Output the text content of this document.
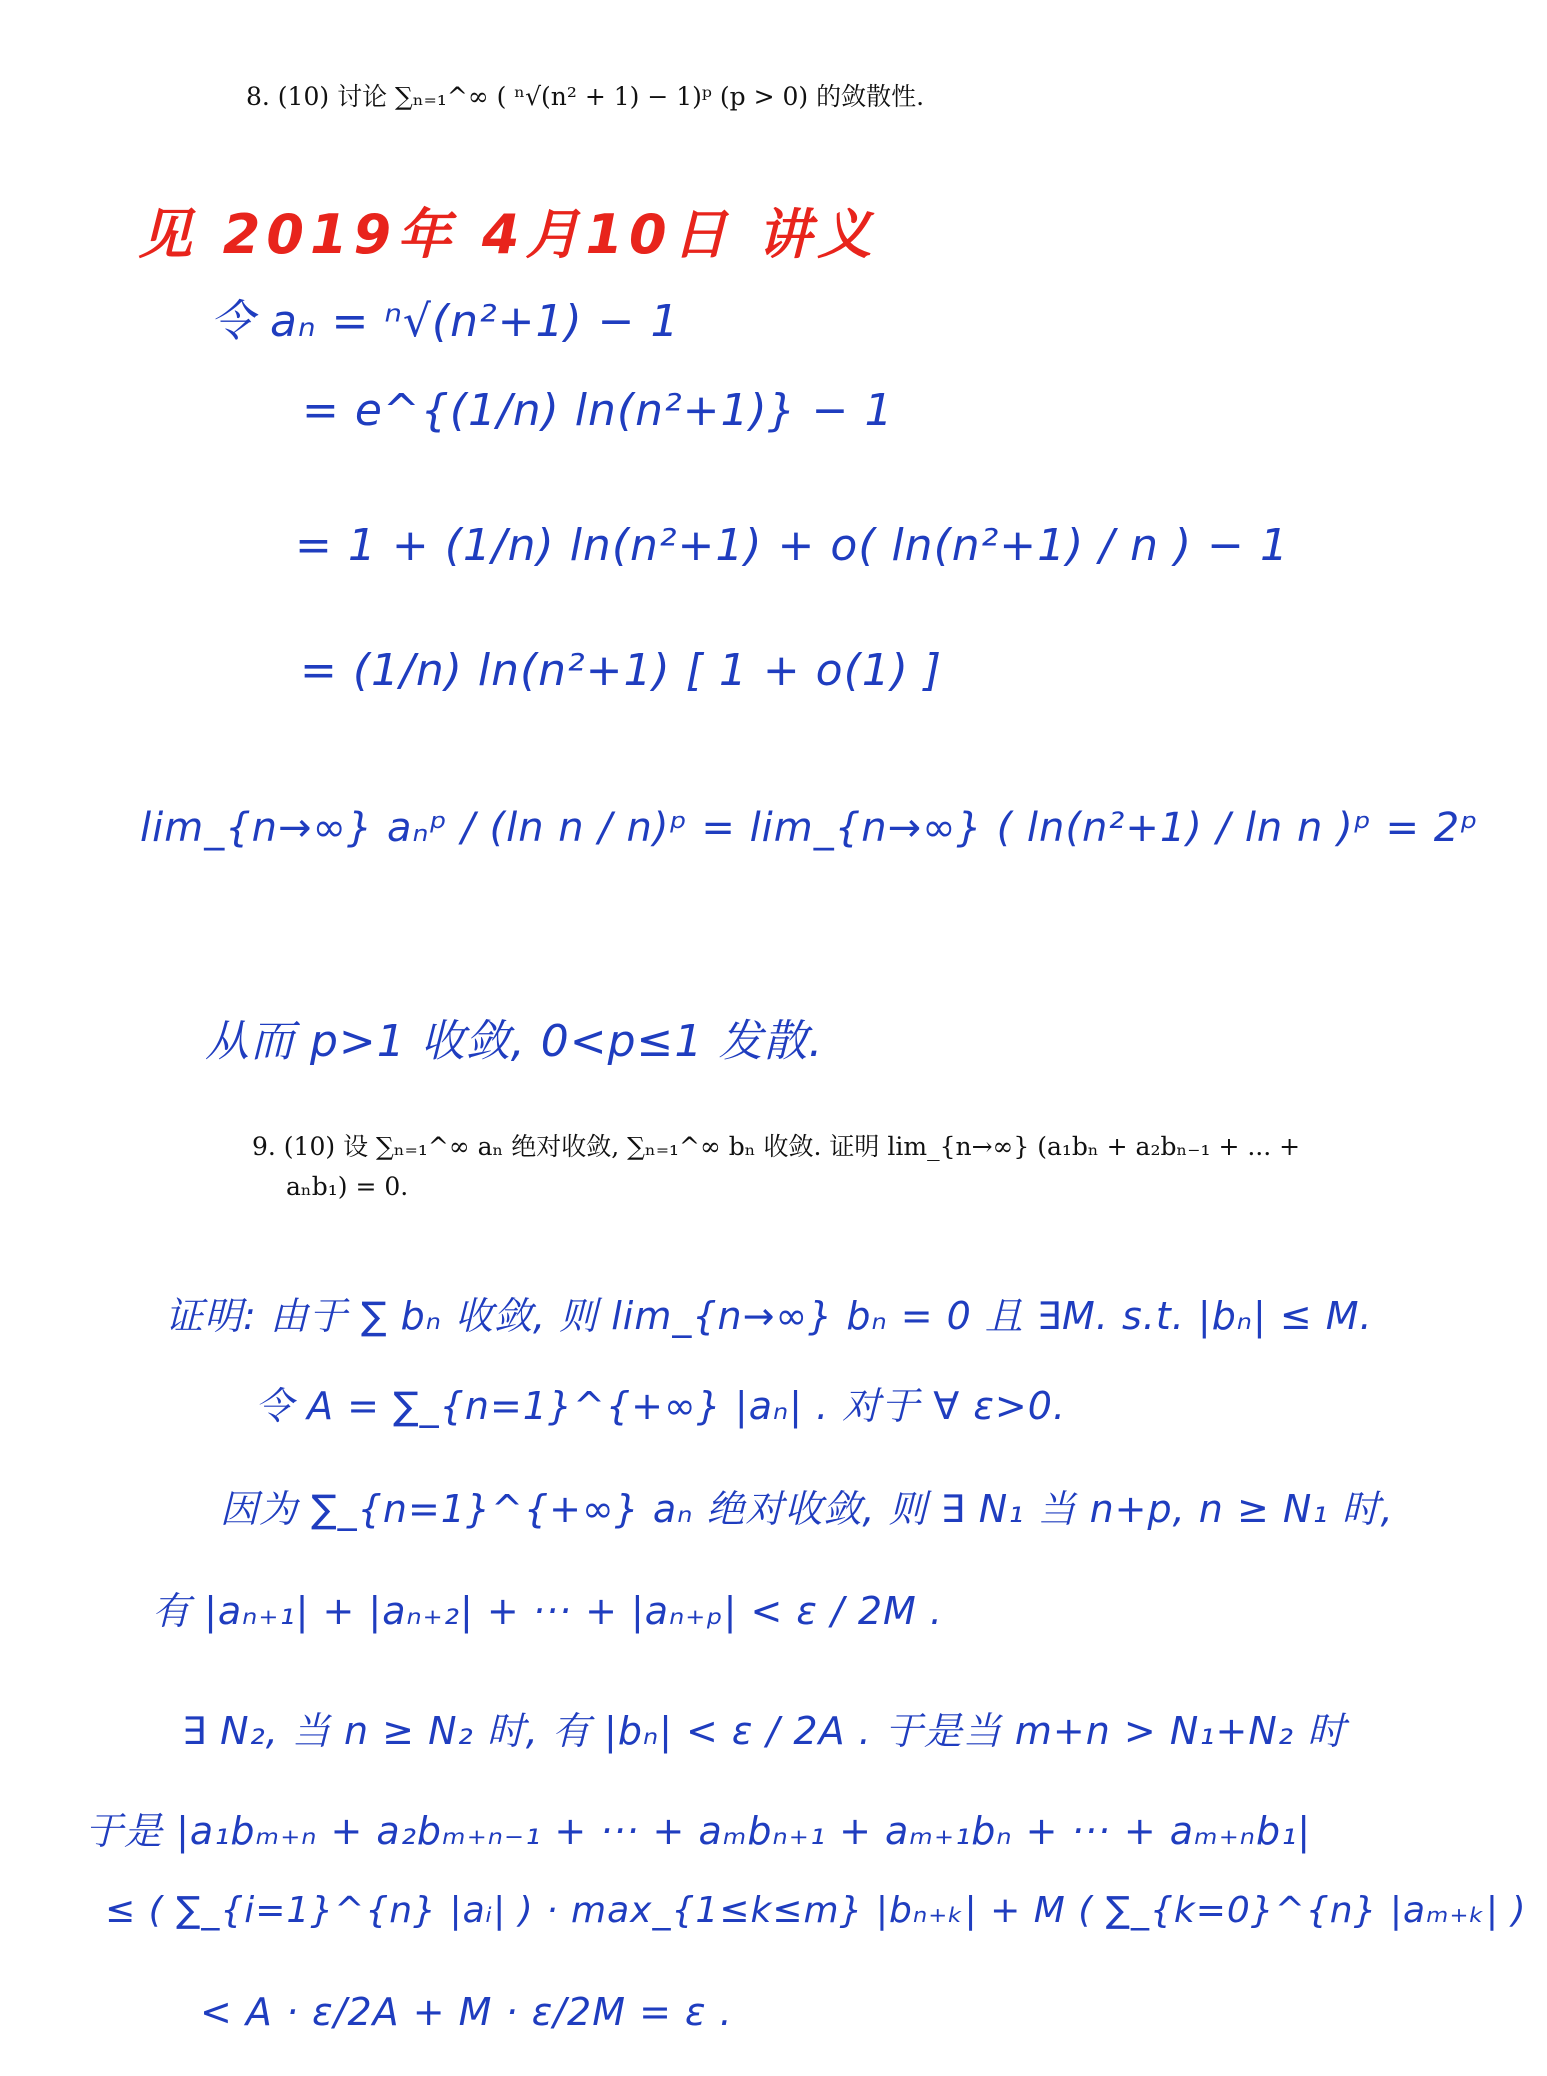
8. (10) 讨论 ∑ₙ₌₁^∞ ( ⁿ√(n² + 1) − 1)ᵖ (p > 0) 的敛散性.
见 2019年 4月10日 讲义
令 aₙ = ⁿ√(n²+1) − 1
= e^{(1/n) ln(n²+1)} − 1
= 1 + (1/n) ln(n²+1) + o( ln(n²+1) / n ) − 1
= (1/n) ln(n²+1) [ 1 + o(1) ]
lim_{n→∞} aₙᵖ / (ln n / n)ᵖ = lim_{n→∞} ( ln(n²+1) / ln n )ᵖ = 2ᵖ
从而 p>1 收敛, 0<p≤1 发散.
9. (10) 设 ∑ₙ₌₁^∞ aₙ 绝对收敛, ∑ₙ₌₁^∞ bₙ 收敛. 证明 lim_{n→∞} (a₁bₙ + a₂bₙ₋₁ + ... +
aₙb₁) = 0.
证明: 由于 ∑ bₙ 收敛, 则 lim_{n→∞} bₙ = 0 且 ∃M. s.t. |bₙ| ≤ M.
令 A = ∑_{n=1}^{+∞} |aₙ| . 对于 ∀ ε>0.
因为 ∑_{n=1}^{+∞} aₙ 绝对收敛, 则 ∃ N₁ 当 n+p, n ≥ N₁ 时,
有 |aₙ₊₁| + |aₙ₊₂| + ··· + |aₙ₊ₚ| < ε / 2M .
∃ N₂, 当 n ≥ N₂ 时, 有 |bₙ| < ε / 2A . 于是当 m+n > N₁+N₂ 时
于是 |a₁bₘ₊ₙ + a₂bₘ₊ₙ₋₁ + ··· + aₘbₙ₊₁ + aₘ₊₁bₙ + ··· + aₘ₊ₙb₁|
≤ ( ∑_{i=1}^{n} |aᵢ| ) · max_{1≤k≤m} |bₙ₊ₖ| + M ( ∑_{k=0}^{n} |aₘ₊ₖ| )
< A · ε/2A + M · ε/2M = ε .
